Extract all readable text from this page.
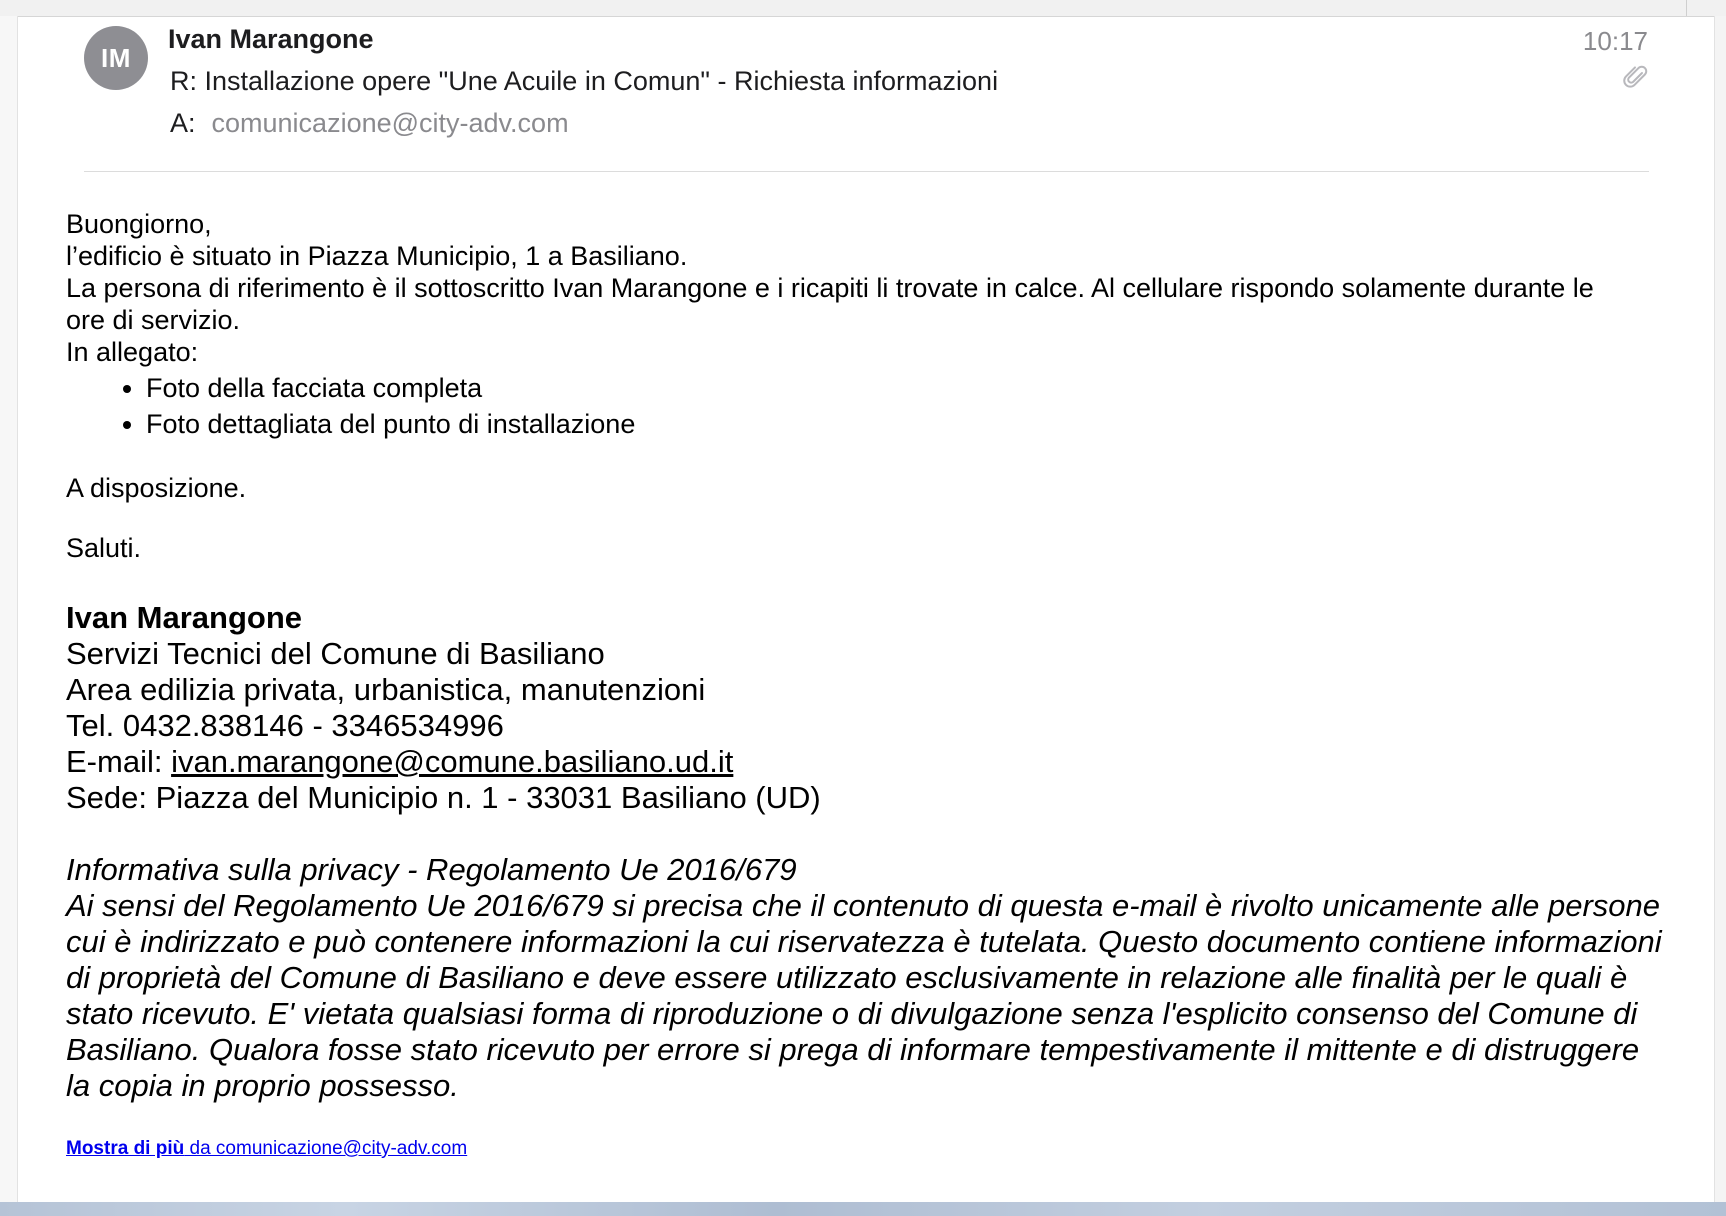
IM
Ivan Marangone	10:17
R: Installazione opere "Une Acuile in Comun" - Richiesta informazioni
A: comunicazione@city-adv.com

Buongiorno,

l’edificio è situato in Piazza Municipio, 1 a Basiliano.

La persona di riferimento è il sottoscritto Ivan Marangone e i ricapiti li trovate in calce. Al cellulare rispondo solamente durante le ore di servizio.

In allegato:

• Foto della facciata completa
• Foto dettagliata del punto di installazione

A disposizione.

Saluti.

Ivan Marangone
Servizi Tecnici del Comune di Basiliano
Area edilizia privata, urbanistica, manutenzioni
Tel. 0432.838146 - 3346534996
E-mail: ivan.marangone@comune.basiliano.ud.it
Sede: Piazza del Municipio n. 1 - 33031 Basiliano (UD)
Informativa sulla privacy - Regolamento Ue 2016/679
Ai sensi del Regolamento Ue 2016/679 si precisa che il contenuto di questa e-mail è rivolto unicamente alle persone cui è indirizzato e può contenere informazioni la cui riservatezza è tutelata. Questo documento contiene informazioni di proprietà del Comune di Basiliano e deve essere utilizzato esclusivamente in relazione alle finalità per le quali è stato ricevuto. E' vietata qualsiasi forma di riproduzione o di divulgazione senza l'esplicito consenso del Comune di Basiliano. Qualora fosse stato ricevuto per errore si prega di informare tempestivamente il mittente e di distruggere la copia in proprio possesso.
Mostra di più da comunicazione@city-adv.com
